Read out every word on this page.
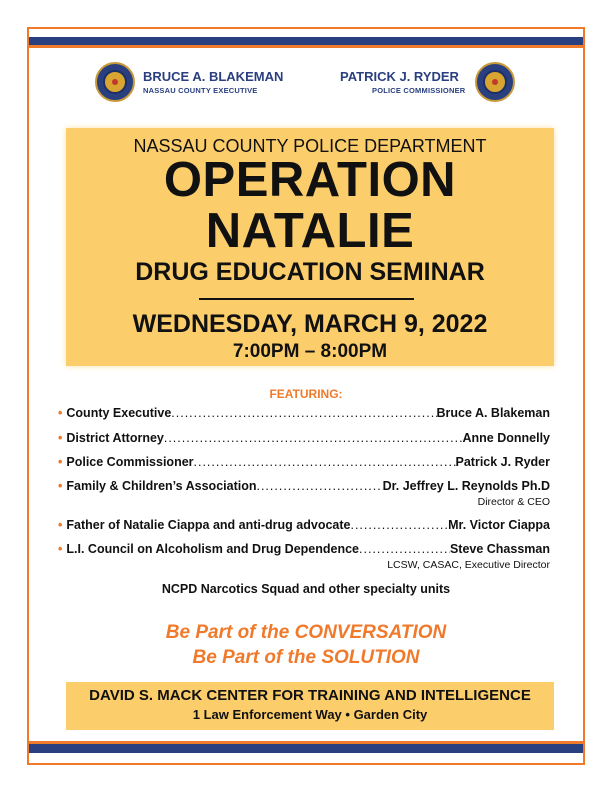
BRUCE A. BLAKEMAN
NASSAU COUNTY EXECUTIVE
PATRICK J. RYDER
POLICE COMMISSIONER
NASSAU COUNTY POLICE DEPARTMENT
OPERATION
NATALIE
DRUG EDUCATION SEMINAR
WEDNESDAY, MARCH 9, 2022
7:00PM – 8:00PM
FEATURING:
• County Executive .....	Bruce A. Blakeman
• District Attorney .....	Anne Donnelly
• Police Commissioner .....	Patrick J. Ryder
• Family & Children’s Association .....	Dr. Jeffrey L. Reynolds Ph.D
Director & CEO
• Father of Natalie Ciappa and anti-drug advocate .....	Mr. Victor Ciappa
• L.I. Council on Alcoholism and Drug Dependence .....	Steve Chassman
LCSW, CASAC, Executive Director
NCPD Narcotics Squad and other specialty units
Be Part of the CONVERSATION
Be Part of the SOLUTION
DAVID S. MACK CENTER FOR TRAINING AND INTELLIGENCE
1 Law Enforcement Way • Garden City
